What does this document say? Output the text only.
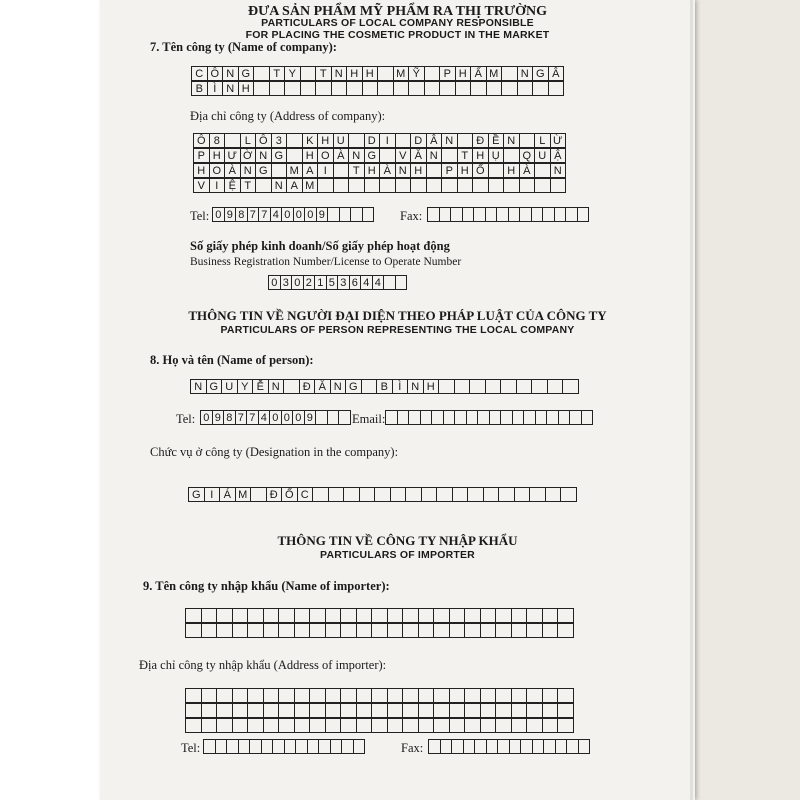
ĐƯA SẢN PHẨM MỸ PHẨM RA THỊ TRƯỜNG
PARTICULARS OF LOCAL COMPANY RESPONSIBLE
FOR PLACING THE COSMETIC PRODUCT IN THE MARKET
7. Tên công ty (Name of company):
C Ô N G
	T Y
	T N H H
	M Ỹ
	P H Ẩ M
	N G Â
B Ì N H
Địa chỉ công ty (Address of company):
Ô 8
	L Ô 3
	K H U
	D I
	D Â N
	Đ Ề N
	L Ừ
P H Ư Ờ N G
	H O À N G
	V Ă N
	T H Ụ
	Q U Ậ
H O À N G
	M A I
	T H À N H
	P H Ố
	H À
	N
V I Ệ T
	N A M
Tel: 0 9 8 7 7 4 0 0 0 9	Fax:
Số giấy phép kinh doanh/Số giấy phép hoạt động
Business Registration Number/License to Operate Number
0 3 0 2 1 5 3 6 4 4
THÔNG TIN VỀ NGƯỜI ĐẠI DIỆN THEO PHÁP LUẬT CỦA CÔNG TY
PARTICULARS OF PERSON REPRESENTING THE LOCAL COMPANY
8. Họ và tên (Name of person):
N G U Y Ễ N
	Đ Ă N G
	B Ì N H
Tel: 0 9 8 7 7 4 0 0 0 9	Email:
Chức vụ ở công ty (Designation in the company):
G I Á M
	Đ Ố C
THÔNG TIN VỀ CÔNG TY NHẬP KHẨU
PARTICULARS OF IMPORTER
9. Tên công ty nhập khẩu (Name of importer):
Địa chỉ công ty nhập khẩu (Address of importer):
Tel:	Fax:
